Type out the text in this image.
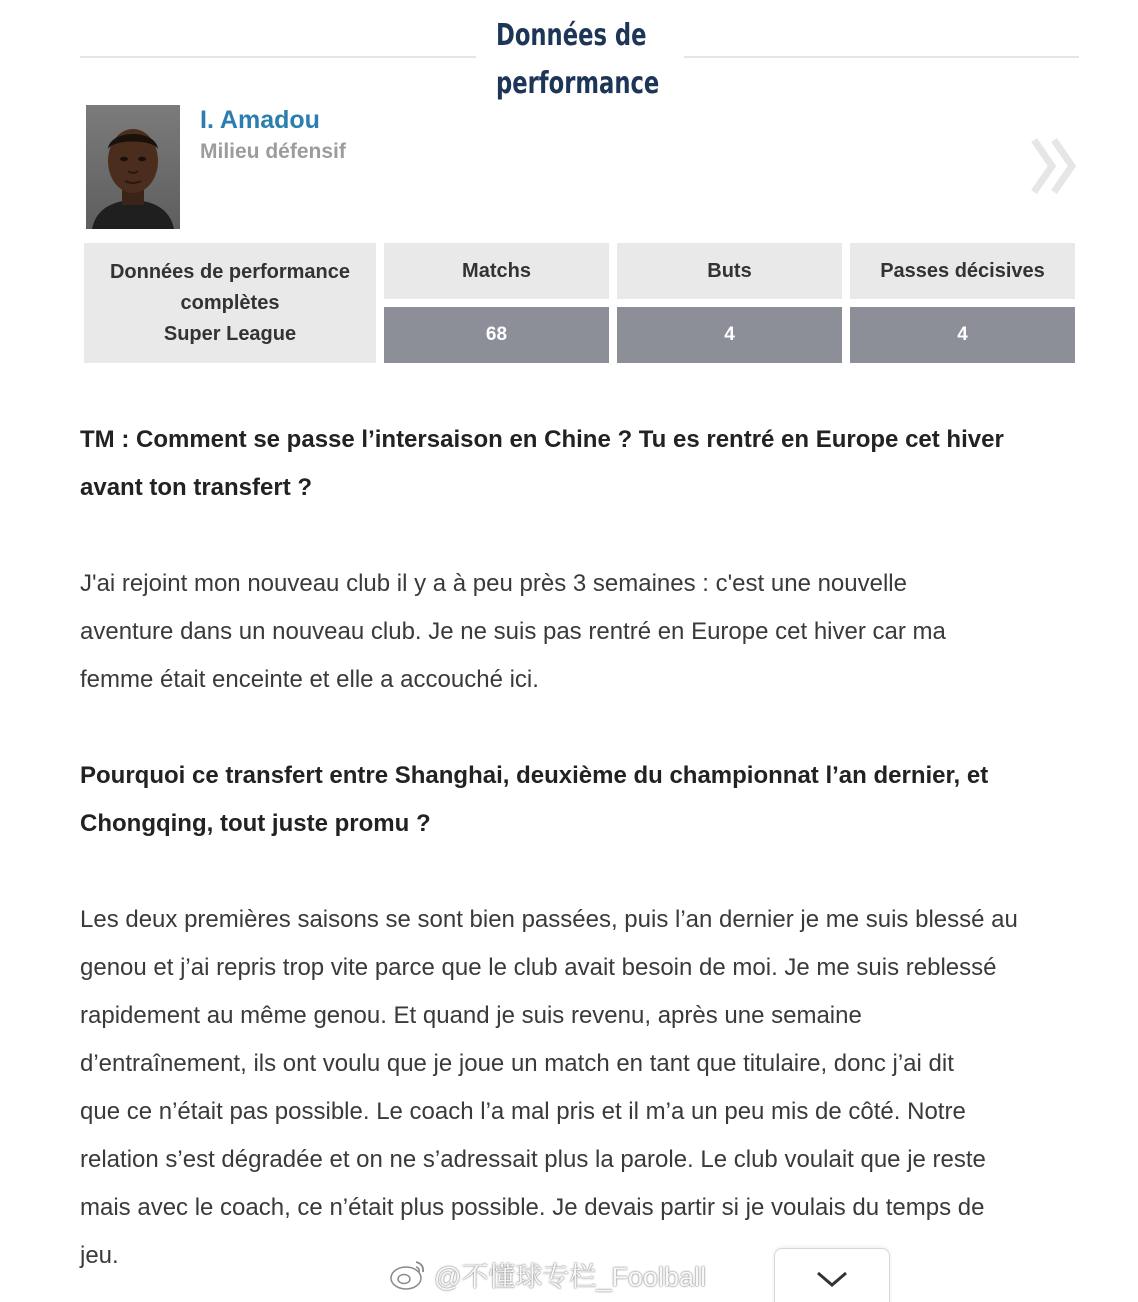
Données de
performance
I. Amadou
Milieu défensif
Données de performance
complètes
Super League
Matchs	Buts	Passes décisives
68	4	4
TM : Comment se passe l’intersaison en Chine ? Tu es rentré en Europe cet hiver
avant ton transfert ?
J'ai rejoint mon nouveau club il y a à peu près 3 semaines : c'est une nouvelle
aventure dans un nouveau club. Je ne suis pas rentré en Europe cet hiver car ma
femme était enceinte et elle a accouché ici.
Pourquoi ce transfert entre Shanghai, deuxième du championnat l’an dernier, et
Chongqing, tout juste promu ?
Les deux premières saisons se sont bien passées, puis l’an dernier je me suis blessé au
genou et j’ai repris trop vite parce que le club avait besoin de moi. Je me suis reblessé
rapidement au même genou. Et quand je suis revenu, après une semaine
d’entraînement, ils ont voulu que je joue un match en tant que titulaire, donc j’ai dit
que ce n’était pas possible. Le coach l’a mal pris et il m’a un peu mis de côté. Notre
relation s’est dégradée et on ne s’adressait plus la parole. Le club voulait que je reste
mais avec le coach, ce n’était plus possible. Je devais partir si je voulais du temps de
jeu.
@不懂球专栏_Foolball
